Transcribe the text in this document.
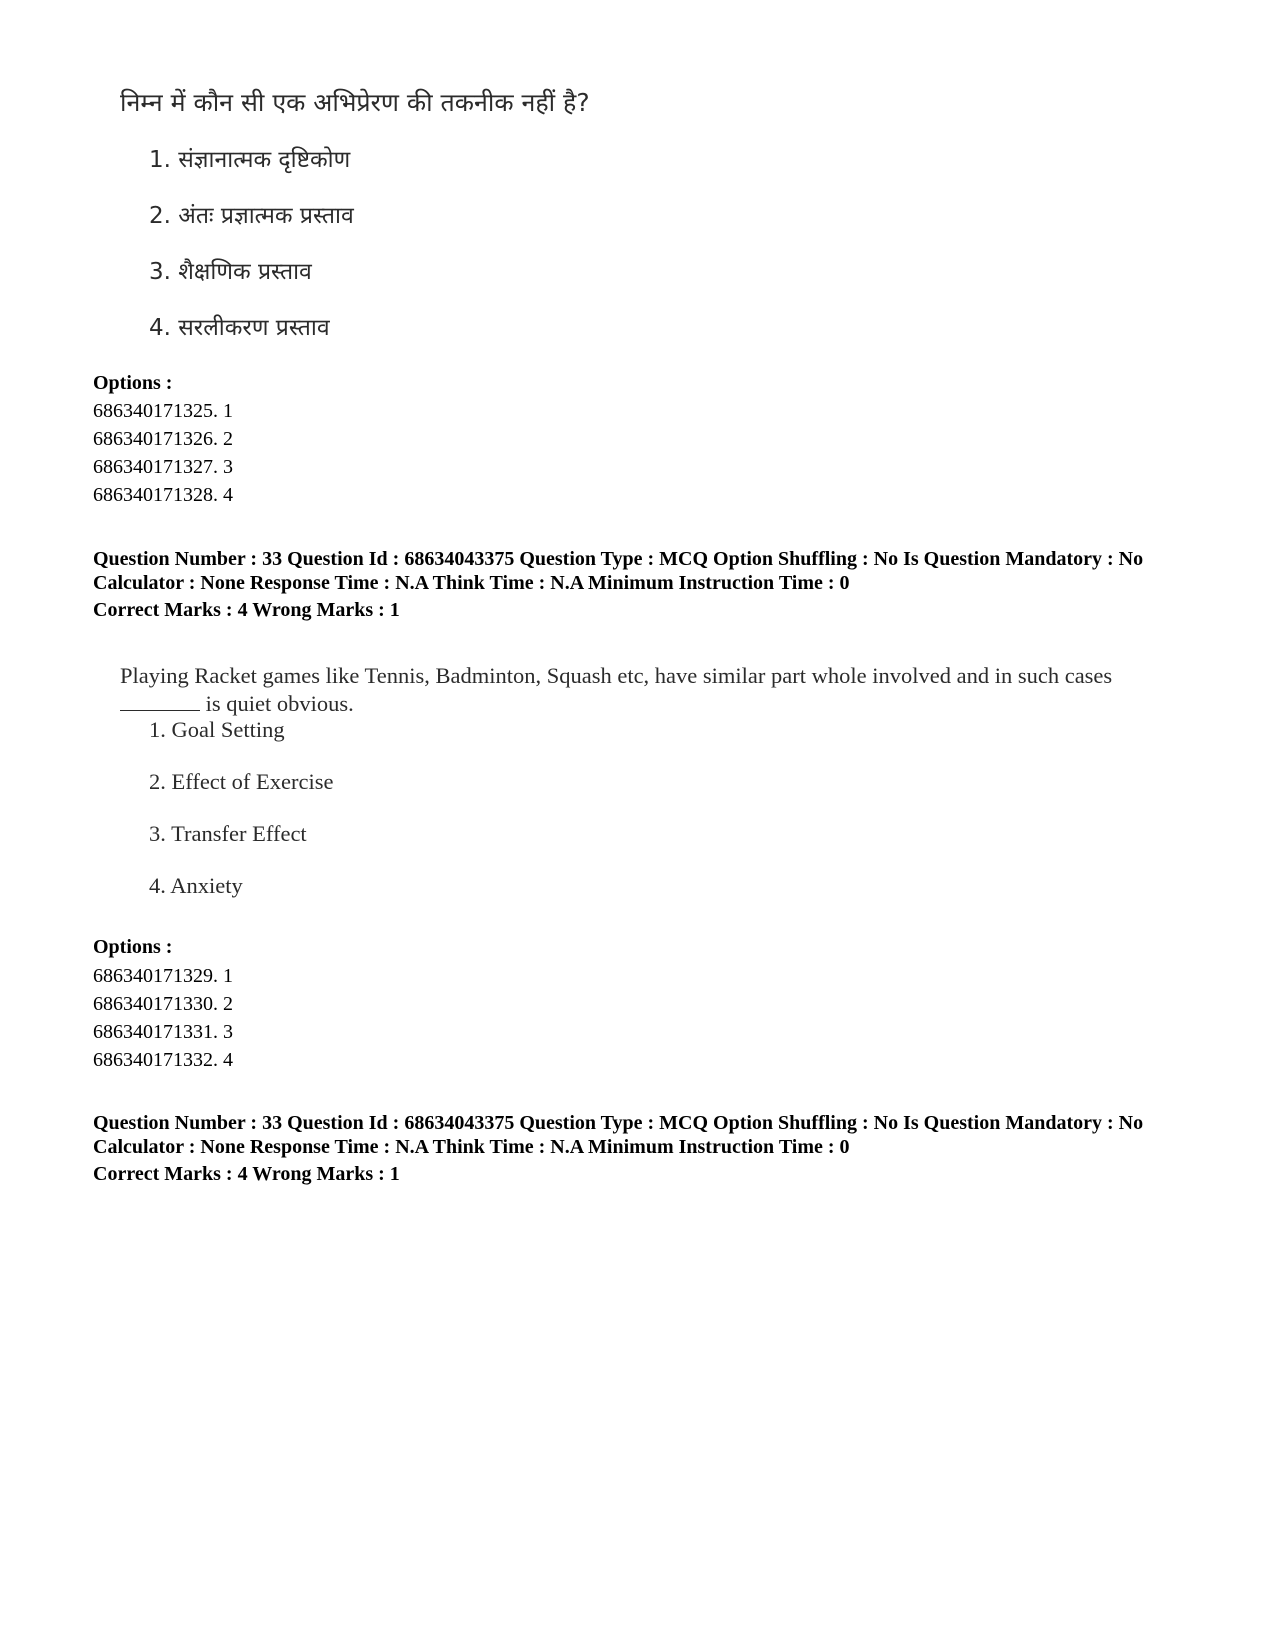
निम्न में कौन सी एक अभिप्रेरण की तकनीक नहीं है?
1. संज्ञानात्मक दृष्टिकोण
2. अंतः प्रज्ञात्मक प्रस्ताव
3. शैक्षणिक प्रस्ताव
4. सरलीकरण प्रस्ताव
Options :
686340171325. 1
686340171326. 2
686340171327. 3
686340171328. 4
Question Number : 33 Question Id : 68634043375 Question Type : MCQ Option Shuffling : No Is Question Mandatory : No Calculator : None Response Time : N.A Think Time : N.A Minimum Instruction Time : 0
Correct Marks : 4 Wrong Marks : 1
Playing Racket games like Tennis, Badminton, Squash etc, have similar part whole involved and in such cases is quiet obvious.
1. Goal Setting
2. Effect of Exercise
3. Transfer Effect
4. Anxiety
Options :
686340171329. 1
686340171330. 2
686340171331. 3
686340171332. 4
Question Number : 33 Question Id : 68634043375 Question Type : MCQ Option Shuffling : No Is Question Mandatory : No Calculator : None Response Time : N.A Think Time : N.A Minimum Instruction Time : 0
Correct Marks : 4 Wrong Marks : 1
